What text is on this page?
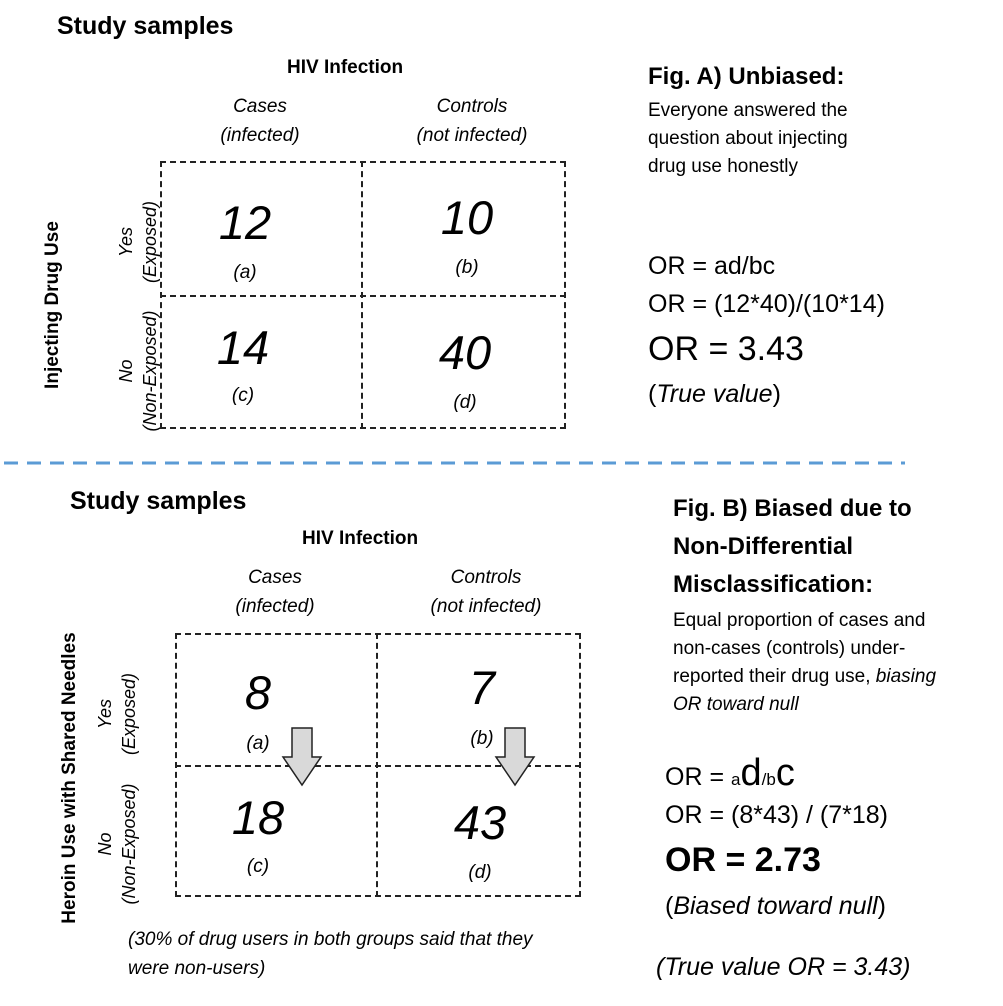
Study samples
HIV Infection
Cases
(infected)
Controls
(not infected)
Injecting Drug Use	Yes (Exposed)
No (Non-Exposed)
12
(a)
10
(b)
14
(c)
40
(d)
Fig. A) Unbiased:
Everyone answered the
question about injecting
drug use honestly
OR = ad/bc
OR = (12*40)/(10*14)
OR = 3.43
(True value)
Study samples
HIV Infection
Cases
(infected)
Controls
(not infected)
Heroin Use with Shared Needles Yes (Exposed)
No (Non-Exposed)
8
(a)
7
(b)
18
(c)
43
(d)
(30% of drug users in both groups said that they
were non-users)
Fig. B) Biased due to
Non-Differential
Misclassification:
Equal proportion of cases and
non-cases (controls) under-
reported their drug use, biasing
OR toward null
OR = ad/bc
OR = (8*43) / (7*18)
OR = 2.73
(Biased toward null)
(True value OR = 3.43)
